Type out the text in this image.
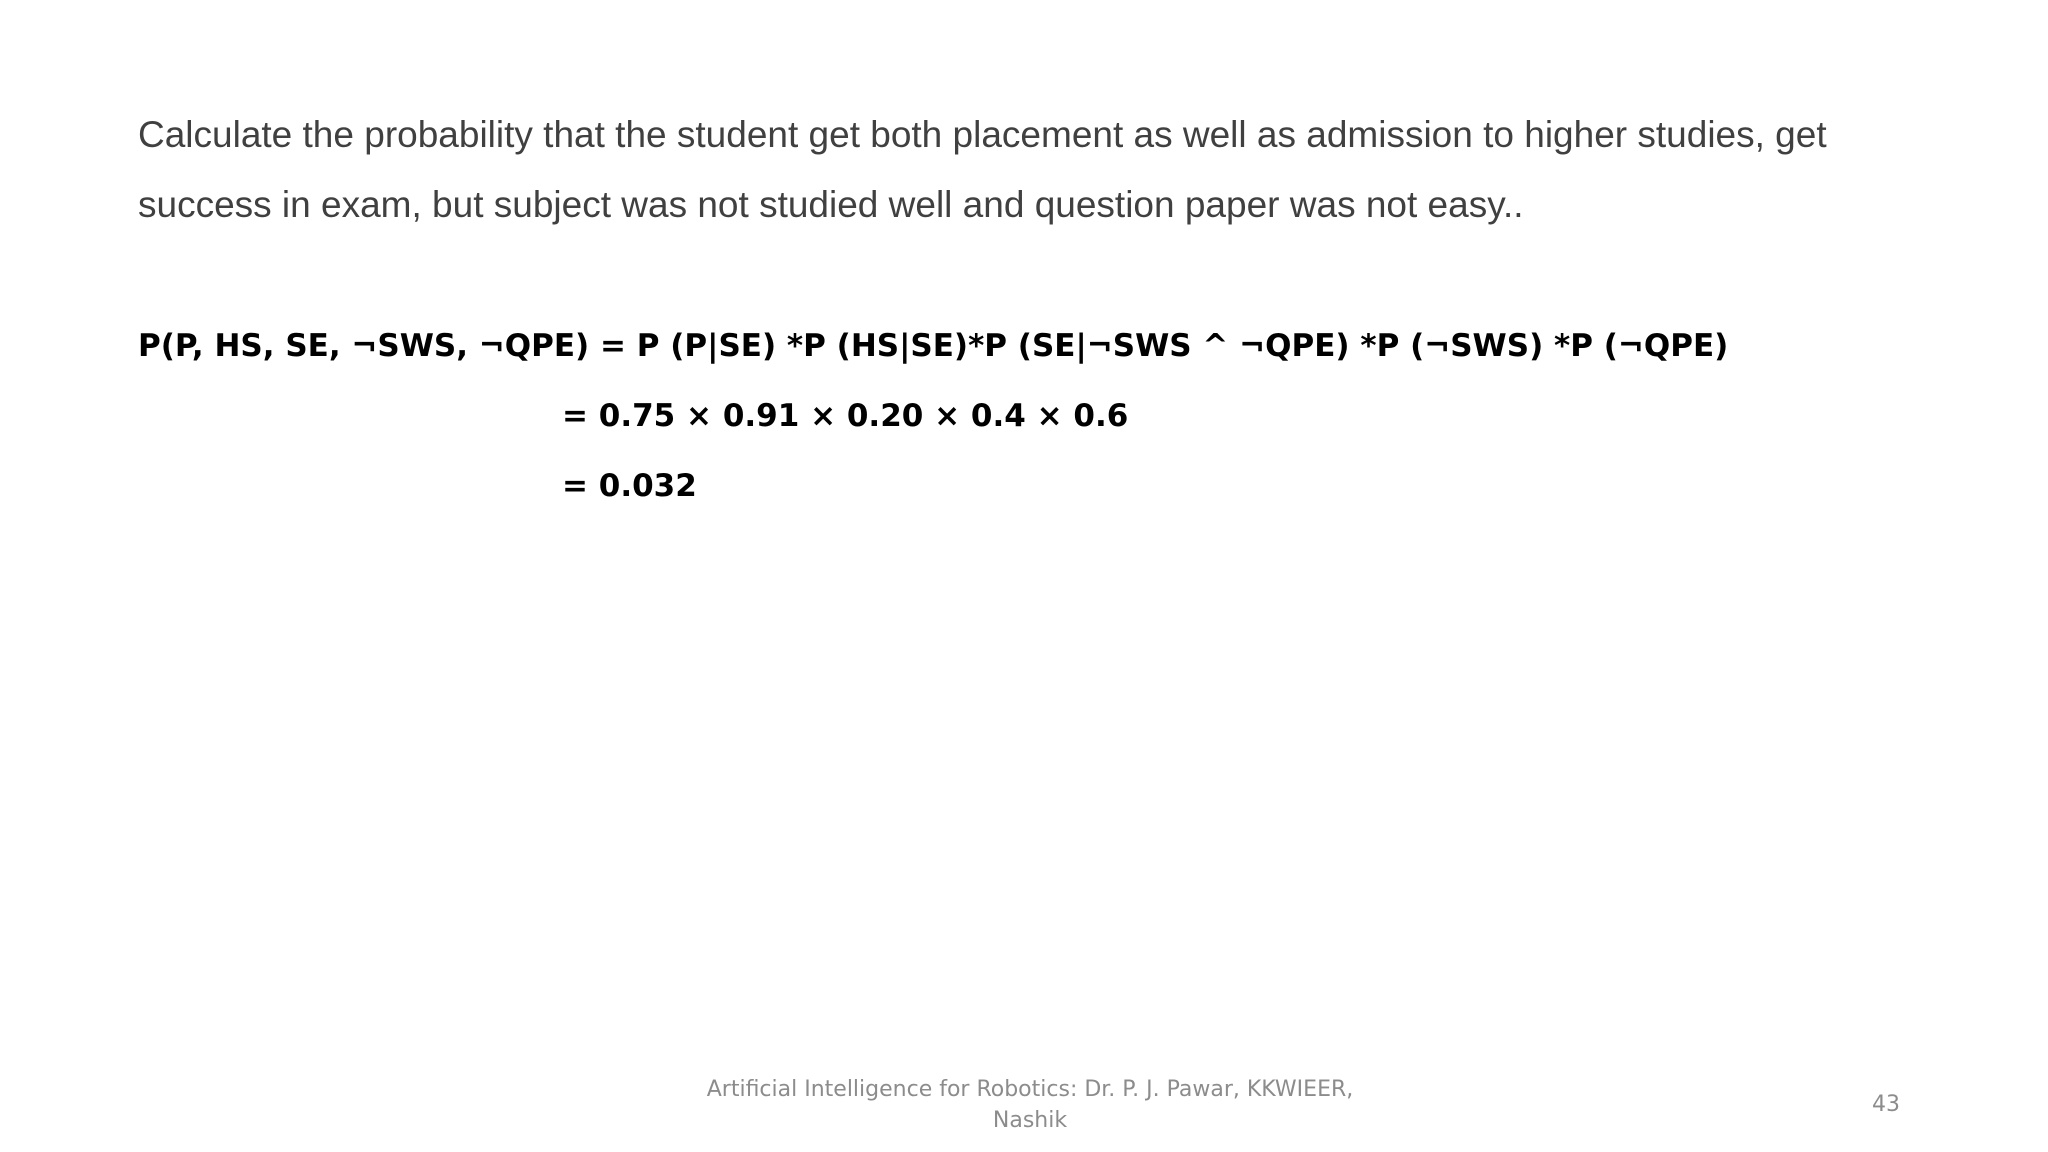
Calculate the probability that the student get both placement as well as admission to higher studies, get
success in exam, but subject was not studied well and question paper was not easy..
P(P, HS, SE, ¬SWS, ¬QPE) = P (P|SE) *P (HS|SE)*P (SE|¬SWS ^ ¬QPE) *P (¬SWS) *P (¬QPE)
= 0.75 × 0.91 × 0.20 × 0.4 × 0.6
= 0.032
Artificial Intelligence for Robotics: Dr. P. J. Pawar, KKWIEER,
Nashik
43
